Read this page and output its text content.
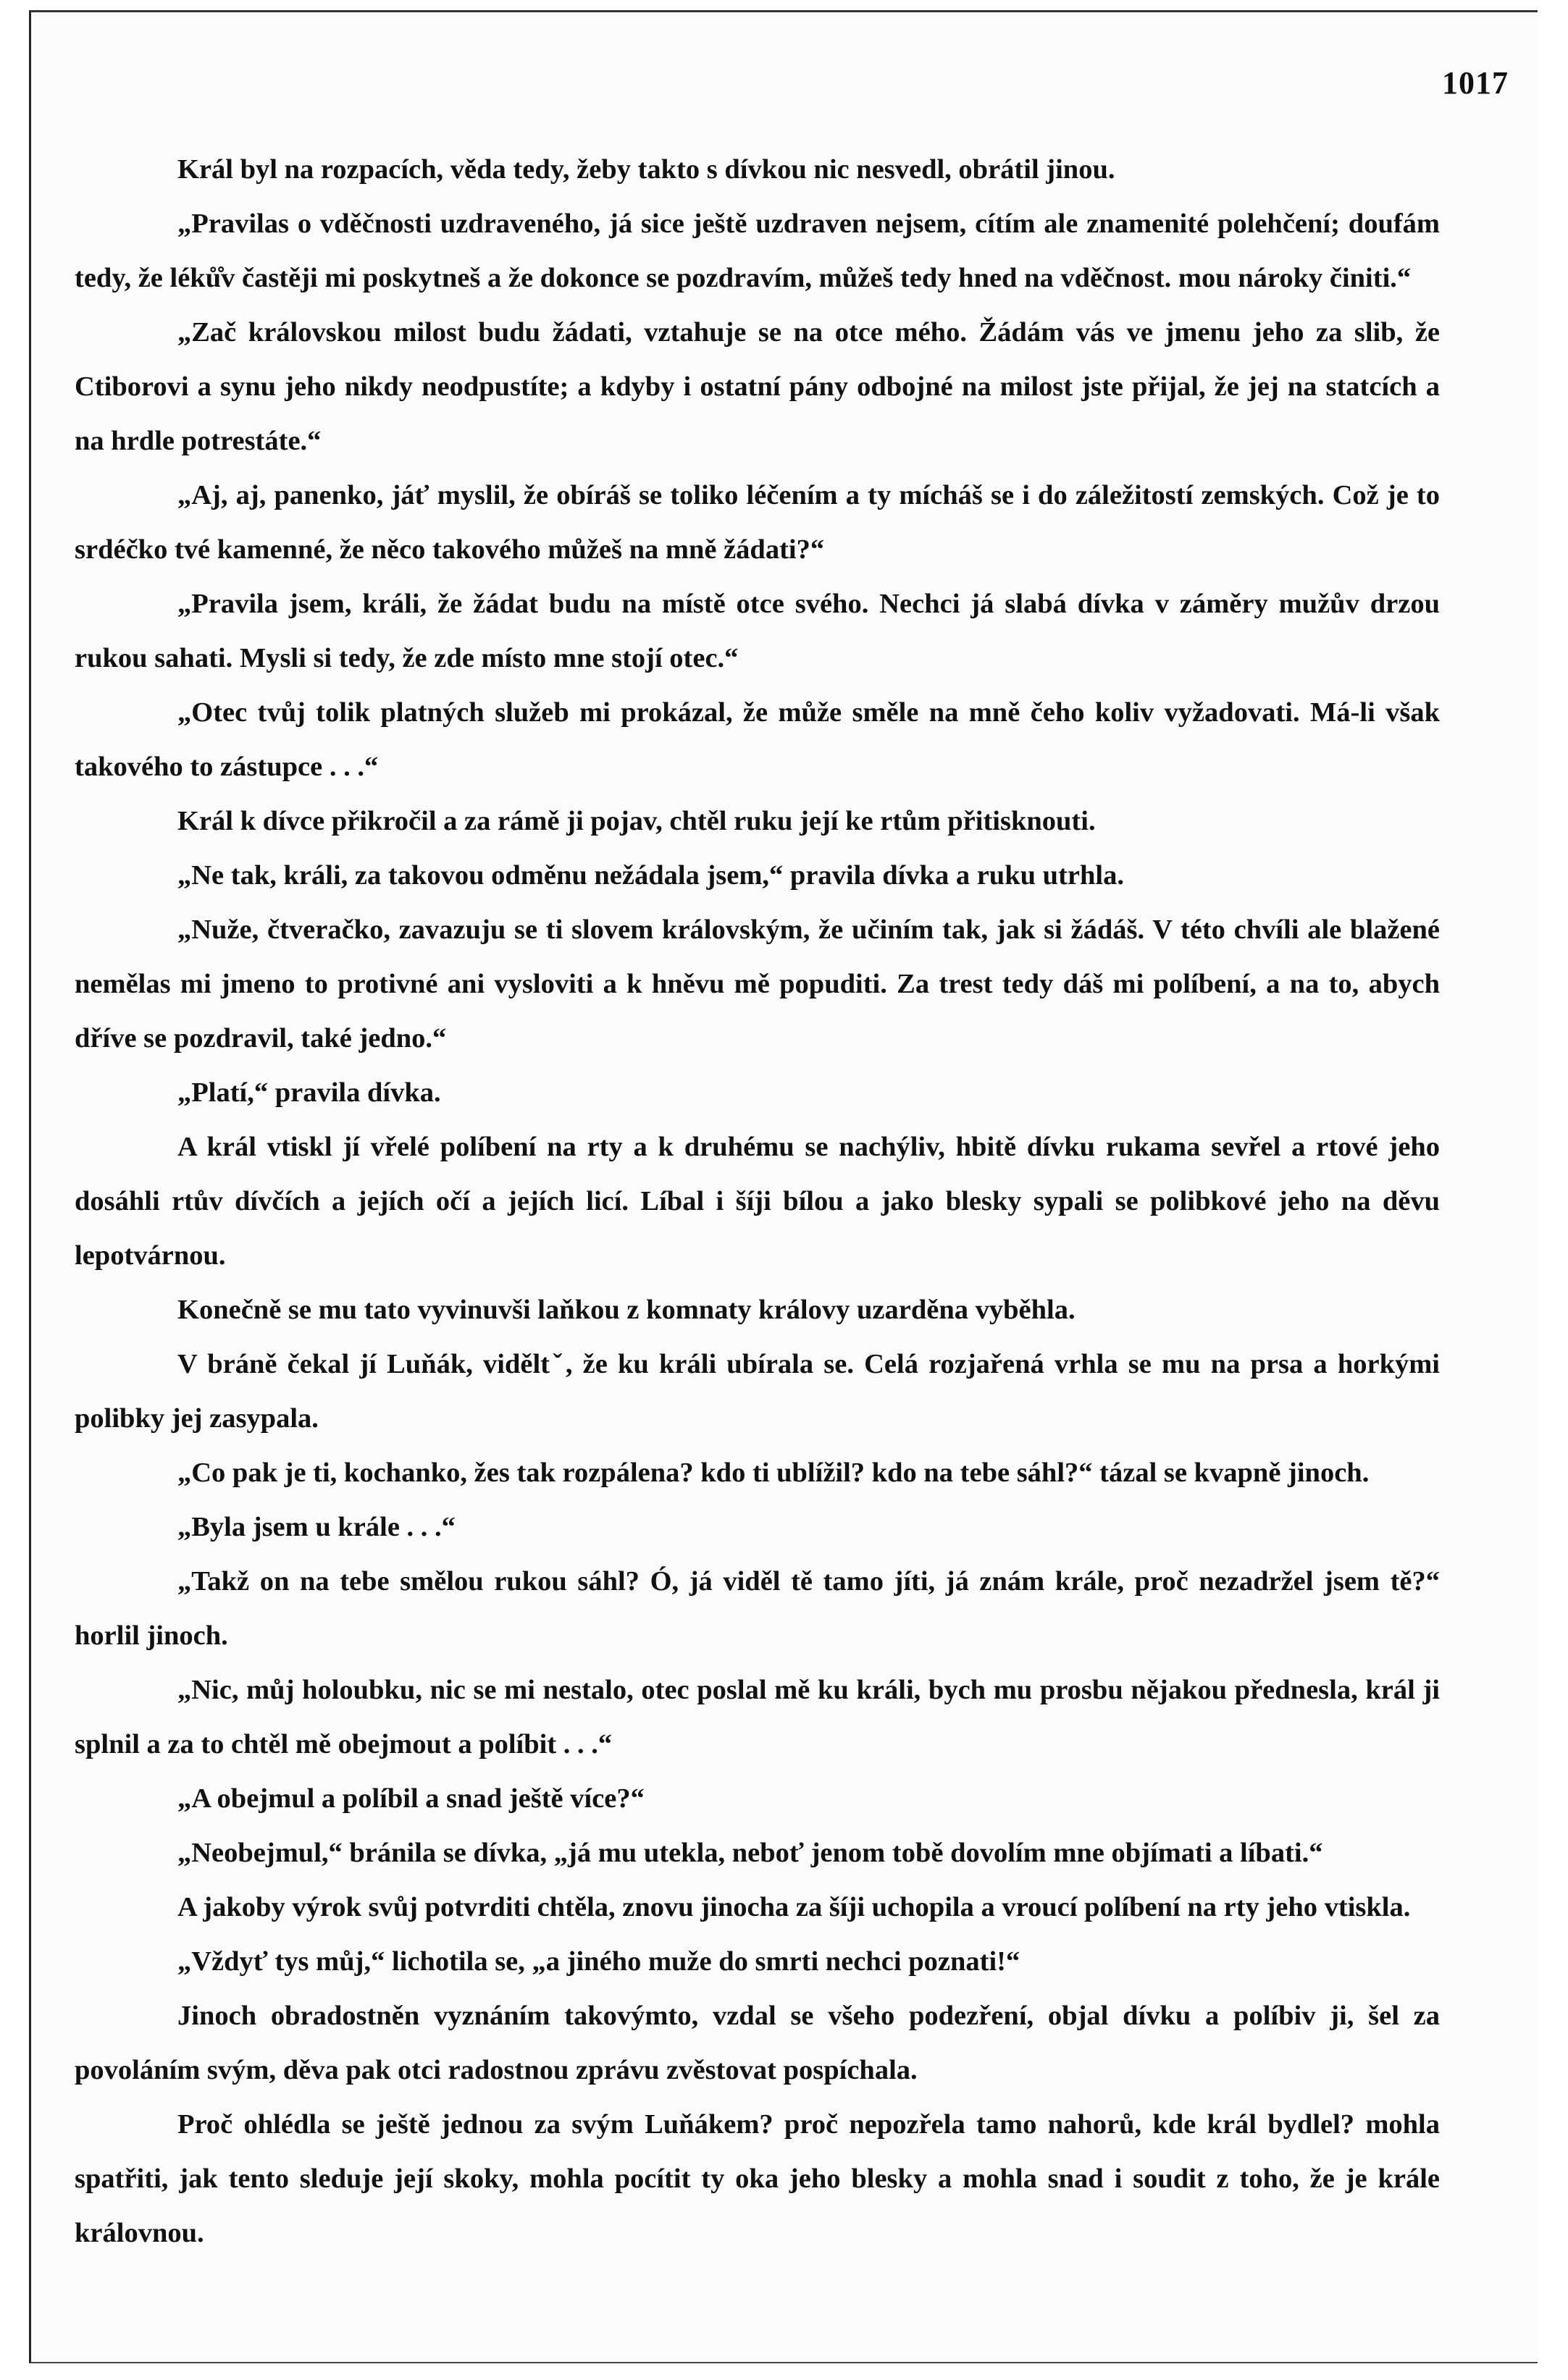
1017

Král byl na rozpacích, věda tedy, žeby takto s dívkou nic nesvedl, obrátil jinou.

„Pravilas o vděčnosti uzdraveného, já sice ještě uzdraven nejsem, cítím ale znamenité polehčení; doufám tedy, že léků̊v častěji mi poskytneš a že dokonce se pozdravím, můžeš tedy hned na vděčnost. mou nároky činiti.“

„Zač královskou milost budu žádati, vztahuje se na otce mého. Žádám vás ve jmenu jeho za slib, že Ctiborovi a synu jeho nikdy neodpustíte; a kdyby i ostatní pány odbojné na milost jste přijal, že jej na statcích a na hrdle potrestáte.“

„Aj, aj, panenko, jáť myslil, že obíráš se toliko léčením a ty mícháš se i do záležitostí zemských. Což je to srdéčko tvé kamenné, že něco takového můžeš na mně žádati?“

„Pravila jsem, králi, že žádat budu na místě otce svého. Nechci já slabá dívka v záměry mužův drzou rukou sahati. Mysli si tedy, že zde místo mne stojí otec.“

„Otec tvůj tolik platných služeb mi prokázal, že může směle na mně čeho koliv vyžadovati. Má-li však takového to zástupce . . .“

Král k dívce přikročil a za rámě ji pojav, chtěl ruku její ke rtům přitisknouti.

„Ne tak, králi, za takovou odměnu nežádala jsem,“ pravila dívka a ruku utrhla.

„Nuže, čtveračko, zavazuju se ti slovem královským, že učiním tak, jak si žádáš. V této chvíli ale blažené nemělas mi jmeno to protivné ani vysloviti a k hněvu mě popuditi. Za trest tedy dáš mi políbení, a na to, abych dříve se pozdravil, také jedno.“

„Platí,“ pravila dívka.

A král vtiskl jí vřelé políbení na rty a k druhému se nachýliv, hbitě dívku rukama sevřel a rtové jeho dosáhli rtův dívčích a jejích očí a jejích licí. Líbal i šíji bílou a jako blesky sypali se polibkové jeho na děvu lepotvárnou.

Konečně se mu tato vyvinuvši laňkou z komnaty královy uzarděna vyběhla.

V bráně čekal jí Luňák, viděltˇ, že ku králi ubírala se. Celá rozjařená vrhla se mu na prsa a horkými polibky jej zasypala.

„Co pak je ti, kochanko, žes tak rozpálena? kdo ti ublížil? kdo na tebe sáhl?“ tázal se kvapně jinoch.

„Byla jsem u krále . . .“

„Takž on na tebe smělou rukou sáhl? Ó, já viděl tě tamo jíti, já znám krále, proč nezadržel jsem tě?“ horlil jinoch.

„Nic, můj holoubku, nic se mi nestalo, otec poslal mě ku králi, bych mu prosbu nějakou přednesla, král ji splnil a za to chtěl mě obejmout a políbit . . .“

„A obejmul a políbil a snad ještě více?“

„Neobejmul,“ bránila se dívka, „já mu utekla, neboť jenom tobě dovolím mne objímati a líbati.“

A jakoby výrok svůj potvrditi chtěla, znovu jinocha za šíji uchopila a vroucí políbení na rty jeho vtiskla.

„Vždyť tys můj,“ lichotila se, „a jiného muže do smrti nechci poznati!“

Jinoch obradostněn vyznáním takovýmto, vzdal se všeho podezření, objal dívku a políbiv ji, šel za povoláním svým, děva pak otci radostnou zprávu zvěstovat pospíchala.

Proč ohlédla se ještě jednou za svým Luňákem? proč nepozřela tamo nahorů, kde král bydlel? mohla spatřiti, jak tento sleduje její skoky, mohla pocítit ty oka jeho blesky a mohla snad i soudit z toho, že je krále královnou.
